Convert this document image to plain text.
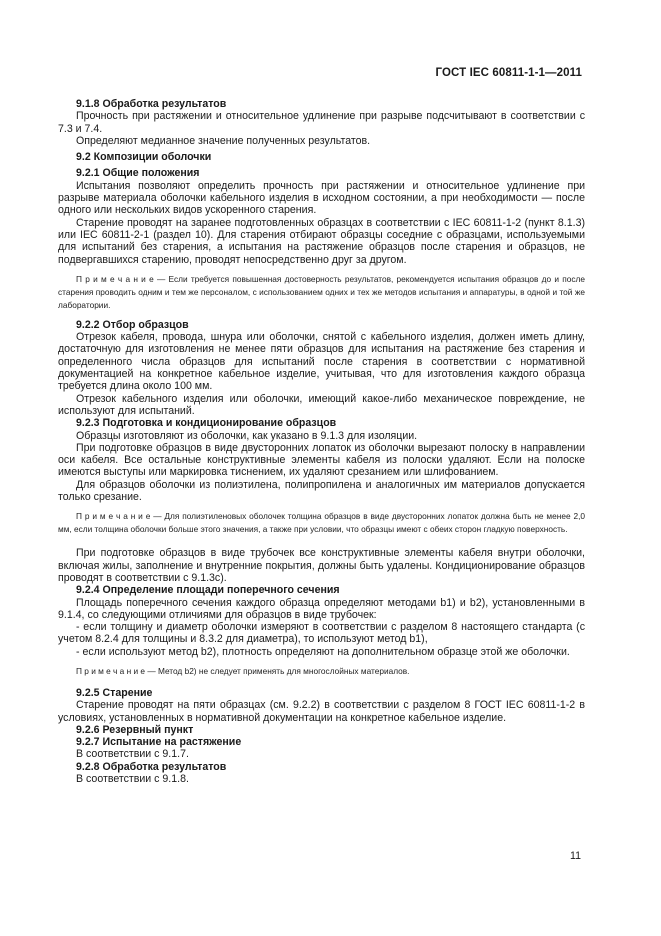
ГОСТ IEC 60811-1-1—2011

9.1.8 Обработка результатов

Прочность при растяжении и относительное удлинение при разрыве подсчитывают в соответствии с 7.3 и 7.4.

Определяют медианное значение полученных результатов.

9.2 Композиции оболочки

9.2.1 Общие положения

Испытания позволяют определить прочность при растяжении и относительное удлинение при разрыве материала оболочки кабельного изделия в исходном состоянии, а при необходимости — после одного или нескольких видов ускоренного старения.

Старение проводят на заранее подготовленных образцах в соответствии с IEC 60811-1-2 (пункт 8.1.3) или IEC 60811-2-1 (раздел 10). Для старения отбирают образцы соседние с образцами, используемыми для испытаний без старения, а испытания на растяжение образцов после старения и образцов, не подвергавшихся старению, проводят непосредственно друг за другом.

П р и м е ч а н и е — Если требуется повышенная достоверность результатов, рекомендуется испытания образцов до и после старения проводить одним и тем же персоналом, с использованием одних и тех же методов испытания и аппаратуры, в одной и той же лаборатории.

9.2.2 Отбор образцов

Отрезок кабеля, провода, шнура или оболочки, снятой с кабельного изделия, должен иметь длину, достаточную для изготовления не менее пяти образцов для испытания на растяжение без старения и определенного числа образцов для испытаний после старения в соответствии с нормативной документацией на конкретное кабельное изделие, учитывая, что для изготовления каждого образца требуется длина около 100 мм.

Отрезок кабельного изделия или оболочки, имеющий какое-либо механическое повреждение, не используют для испытаний.

9.2.3 Подготовка и кондиционирование образцов

Образцы изготовляют из оболочки, как указано в 9.1.3 для изоляции.

При подготовке образцов в виде двусторонних лопаток из оболочки вырезают полоску в направлении оси кабеля. Все остальные конструктивные элементы кабеля из полоски удаляют. Если на полоске имеются выступы или маркировка тиснением, их удаляют срезанием или шлифованием.

Для образцов оболочки из полиэтилена, полипропилена и аналогичных им материалов допускается только срезание.

П р и м е ч а н и е — Для полиэтиленовых оболочек толщина образцов в виде двусторонних лопаток должна быть не менее 2,0 мм, если толщина оболочки больше этого значения, а также при условии, что образцы имеют с обеих сторон гладкую поверхность.

При подготовке образцов в виде трубочек все конструктивные элементы кабеля внутри оболочки, включая жилы, заполнение и внутренние покрытия, должны быть удалены. Кондиционирование образцов проводят в соответствии с 9.1.3с).

9.2.4 Определение площади поперечного сечения

Площадь поперечного сечения каждого образца определяют методами b1) и b2), установленными в 9.1.4, со следующими отличиями для образцов в виде трубочек:

- если толщину и диаметр оболочки измеряют в соответствии с разделом 8 настоящего стандарта (с учетом 8.2.4 для толщины и 8.3.2 для диаметра), то используют метод b1),

- если используют метод b2), плотность определяют на дополнительном образце этой же оболочки.

П р и м е ч а н и е — Метод b2) не следует применять для многослойных материалов.

9.2.5 Старение

Старение проводят на пяти образцах (см. 9.2.2) в соответствии с разделом 8 ГОСТ IEC 60811-1-2 в условиях, установленных в нормативной документации на конкретное кабельное изделие.

9.2.6 Резервный пункт

9.2.7 Испытание на растяжение

В соответствии с 9.1.7.

9.2.8 Обработка результатов

В соответствии с 9.1.8.

11
